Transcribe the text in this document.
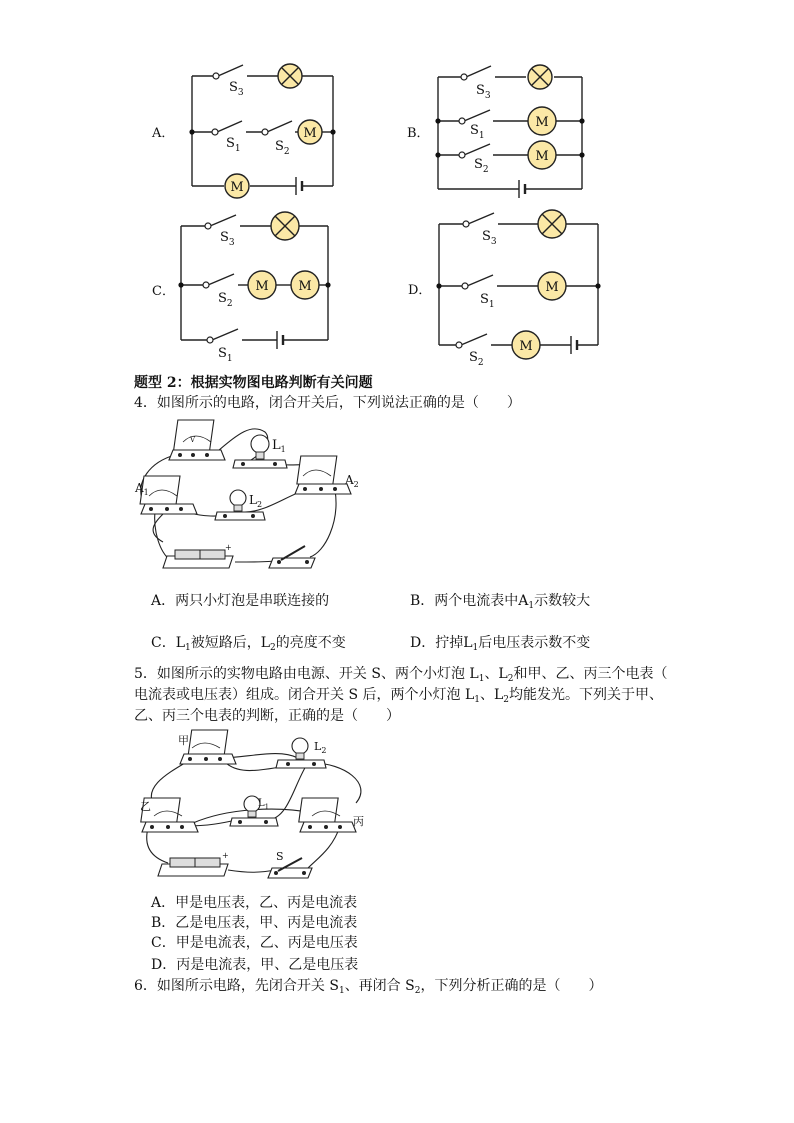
M
M
M
M
M M	M
M
$S_3$
$S_1$	$S_2$
$S_3$
$S_1$
$S_2$
$S_3$
$S_2$
$S_1$
$S_3$
$S_1$
$S_2$
A．	B．
C．	D．
题型 2：根据实物图电路判断有关问题
4．如图所示的电路，闭合开关后，下列说法正确的是（　　）
V	$L_1$
$A_2$
$A_1$
$L_2$
+
A．两只小灯泡是串联连接的	B．两个电流表中$A_1$示数较大
C．$L_1$被短路后，$L_2$的亮度不变	D．拧掉$L_1$后电压表示数不变
5．如图所示的实物电路由电源、开关 S、两个小灯泡 $L_1$、$L_2$和甲、乙、丙三个电表（
电流表或电压表）组成。闭合开关 S 后，两个小灯泡 $L_1$、$L_2$均能发光。下列关于甲、
乙、丙三个电表的判断，正确的是（　　）
甲	$L_2$
乙	$L_1$
丙
+	S
A．甲是电压表，乙、丙是电流表
B．乙是电压表，甲、丙是电流表
C．甲是电流表，乙、丙是电压表
D．丙是电流表，甲、乙是电压表
6．如图所示电路，先闭合开关 $S_1$、再闭合 $S_2$，下列分析正确的是（　　）
